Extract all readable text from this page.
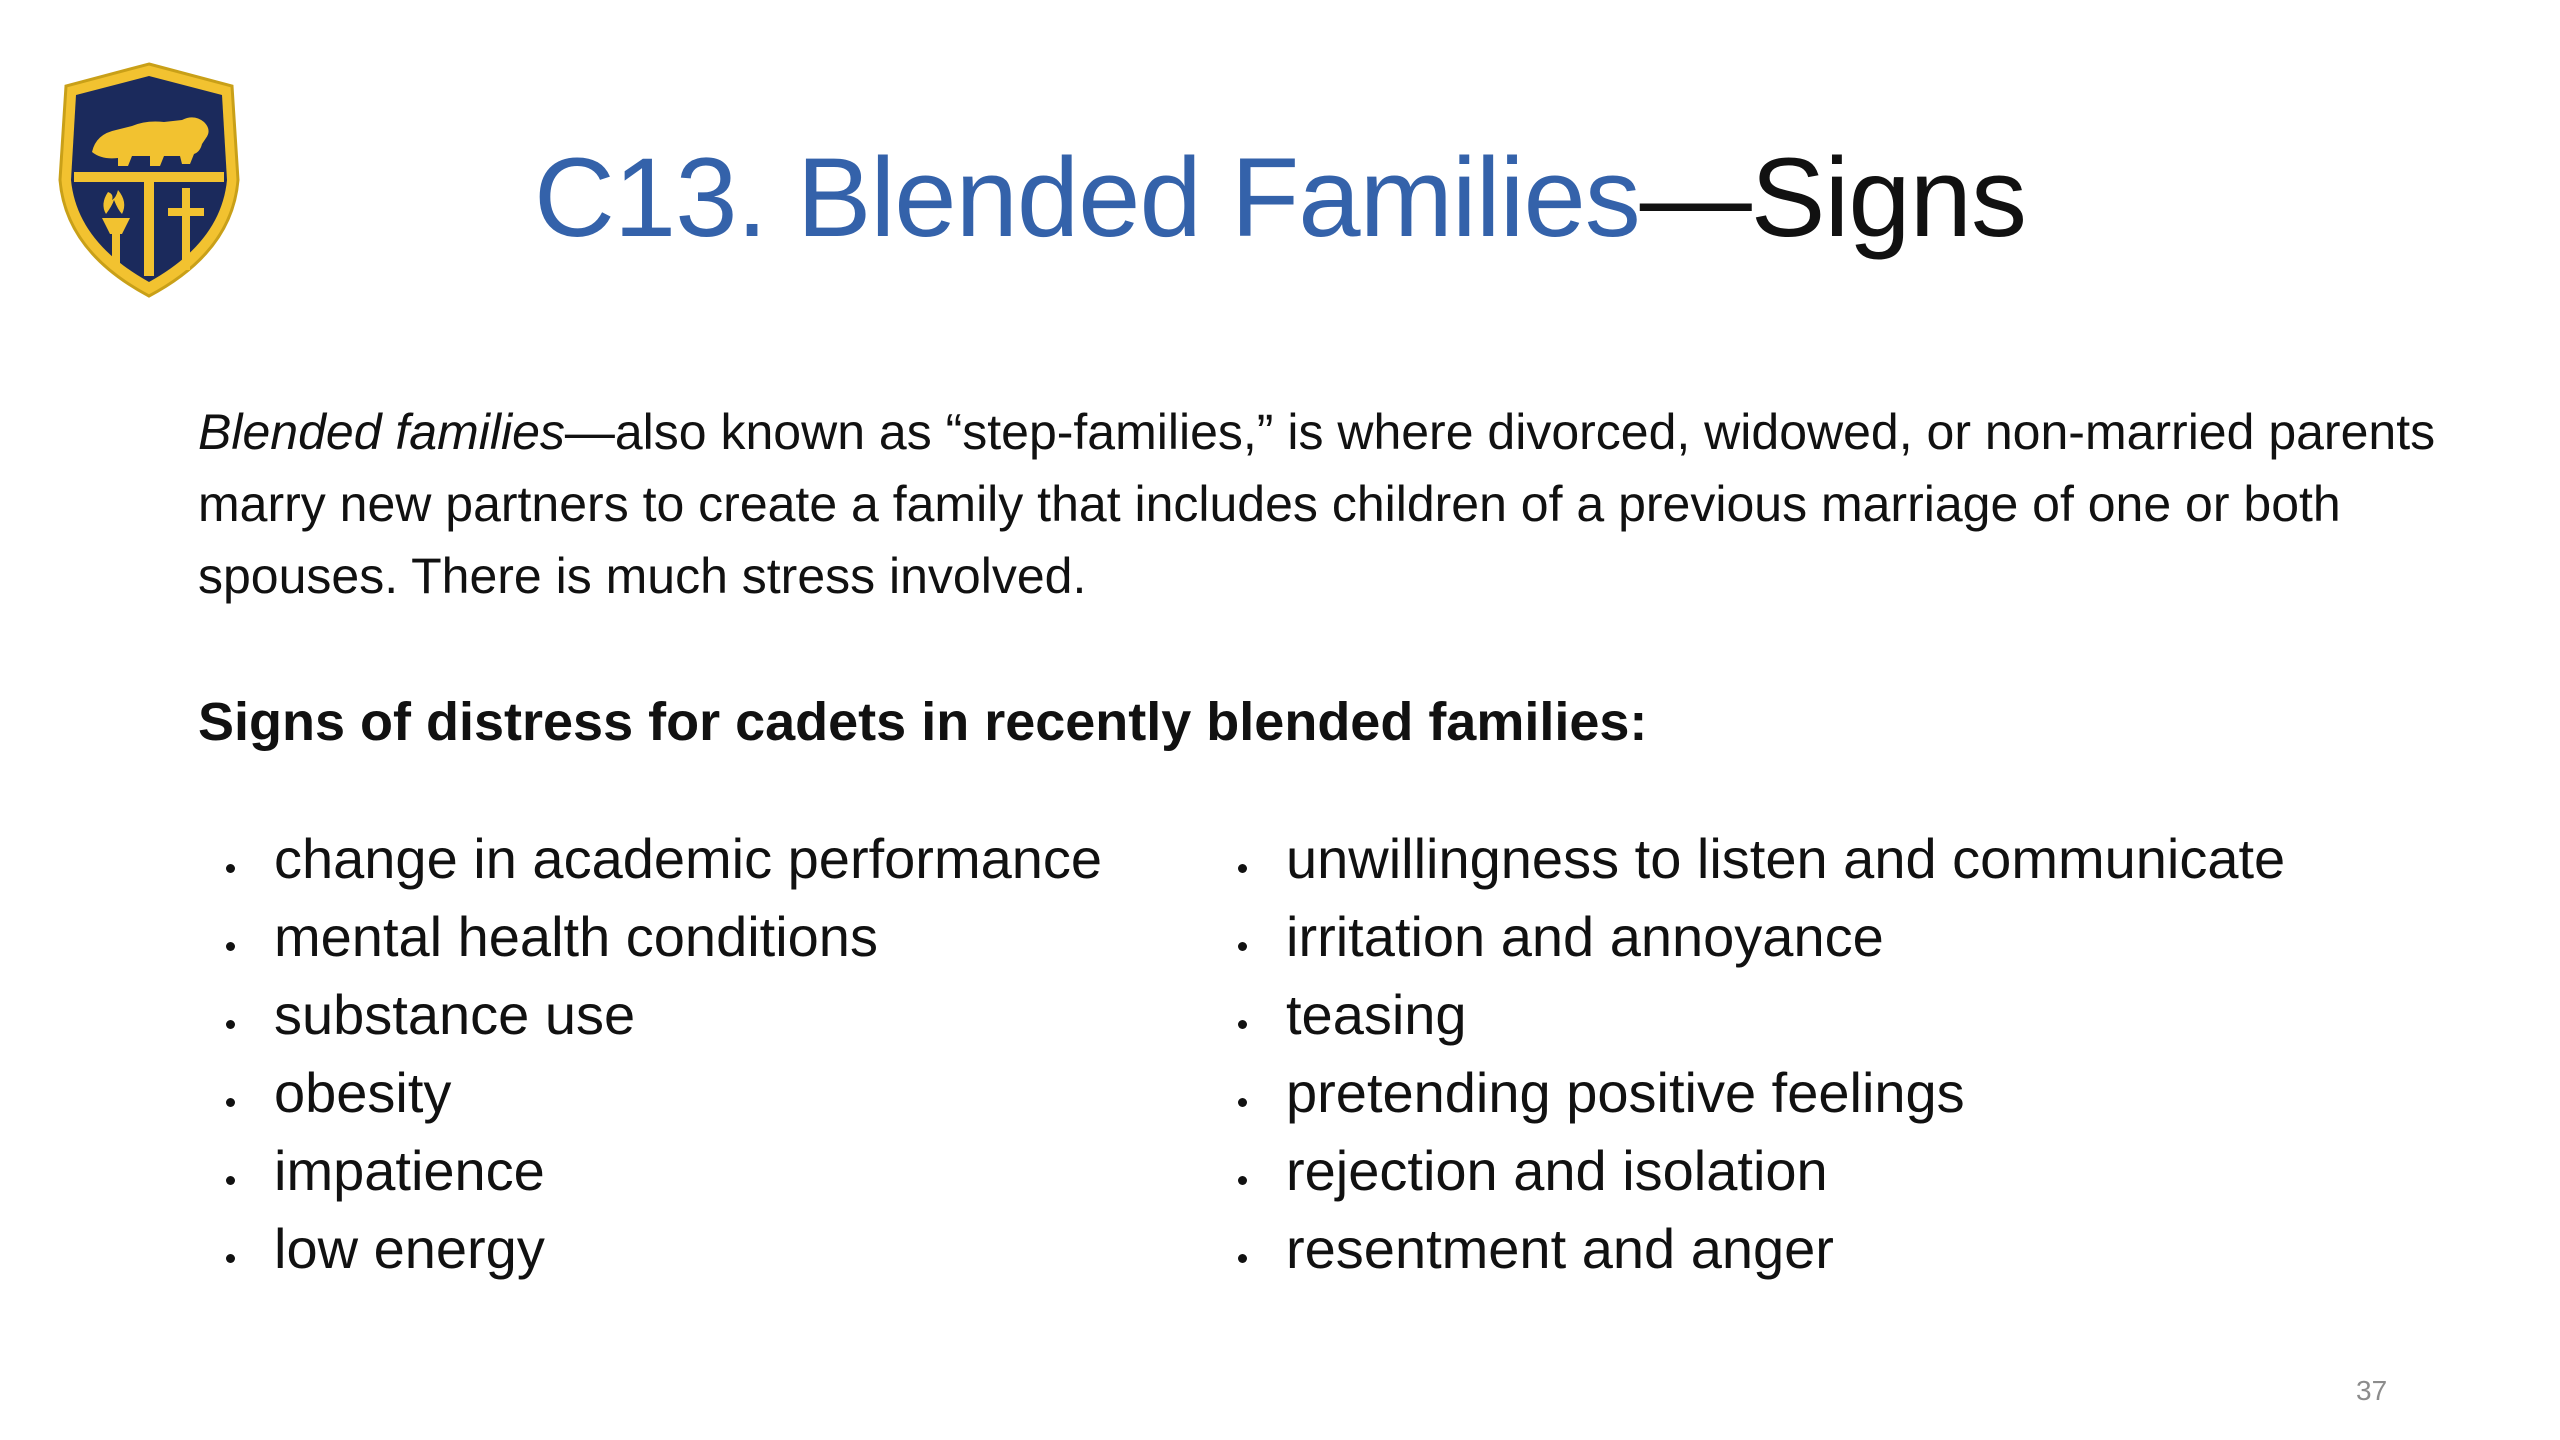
C13. Blended Families—Signs
Blended families—also known as “step-families,” is where divorced, widowed, or non-married parents marry new partners to create a family that includes children of a previous marriage of one or both spouses. There is much stress involved.
Signs of distress for cadets in recently blended families:
change in academic performance
mental health conditions
substance use
obesity
impatience
low energy
unwillingness to listen and communicate
irritation and annoyance
teasing
pretending positive feelings
rejection and isolation
resentment and anger
37
